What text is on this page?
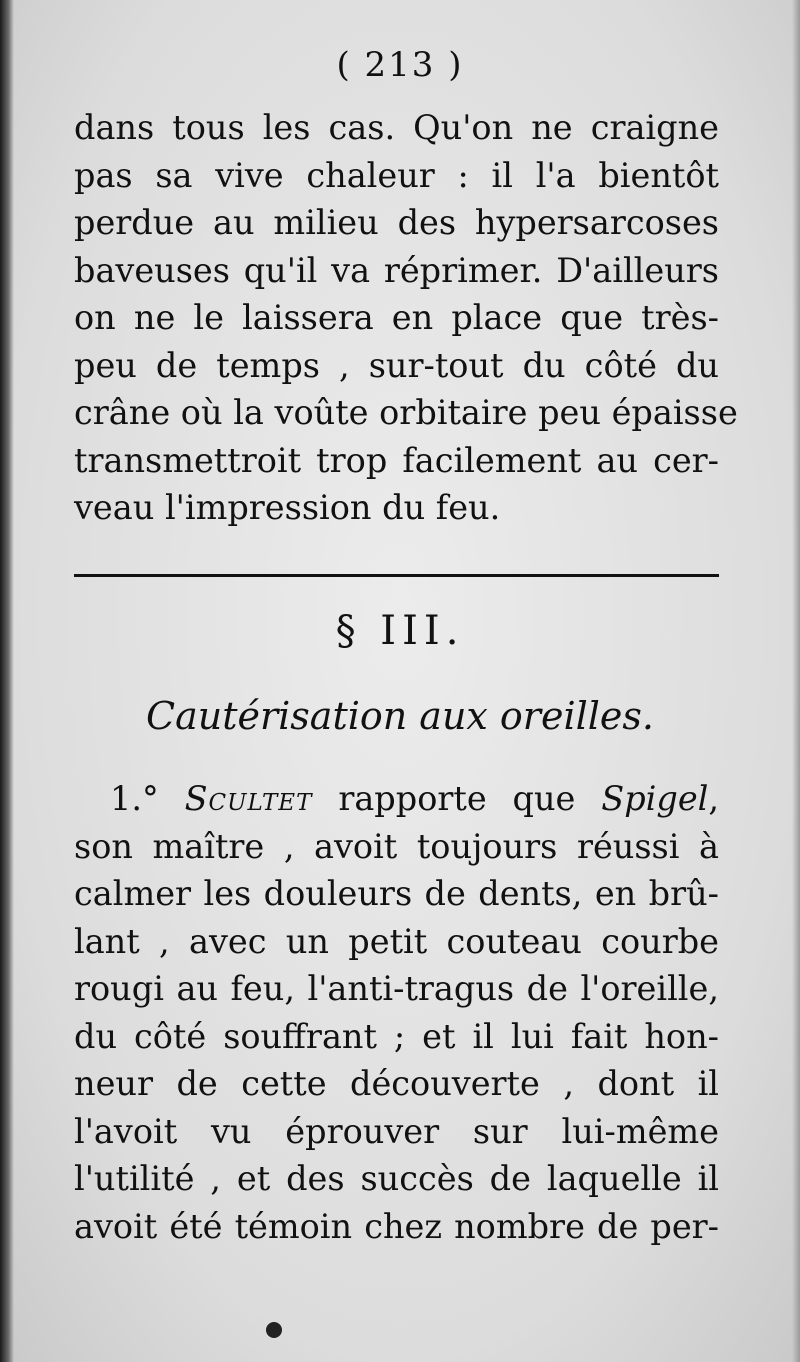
( 213 )
dans tous les cas. Qu'on ne craigne
pas sa vive chaleur : il l'a bientôt
perdue au milieu des hypersarcoses
baveuses qu'il va réprimer. D'ailleurs
on ne le laissera en place que très-
peu de temps , sur-tout du côté du
crâne où la voûte orbitaire peu épaisse
transmettroit trop facilement au cer-
veau l'impression du feu.
§ III.
Cautérisation aux oreilles.
1.° Scultet rapporte que Spigel,
son maître , avoit toujours réussi à
calmer les douleurs de dents, en brû-
lant , avec un petit couteau courbe
rougi au feu, l'anti-tragus de l'oreille,
du côté souffrant ; et il lui fait hon-
neur de cette découverte , dont il
l'avoit vu éprouver sur lui-même
l'utilité , et des succès de laquelle il
avoit été témoin chez nombre de per-
